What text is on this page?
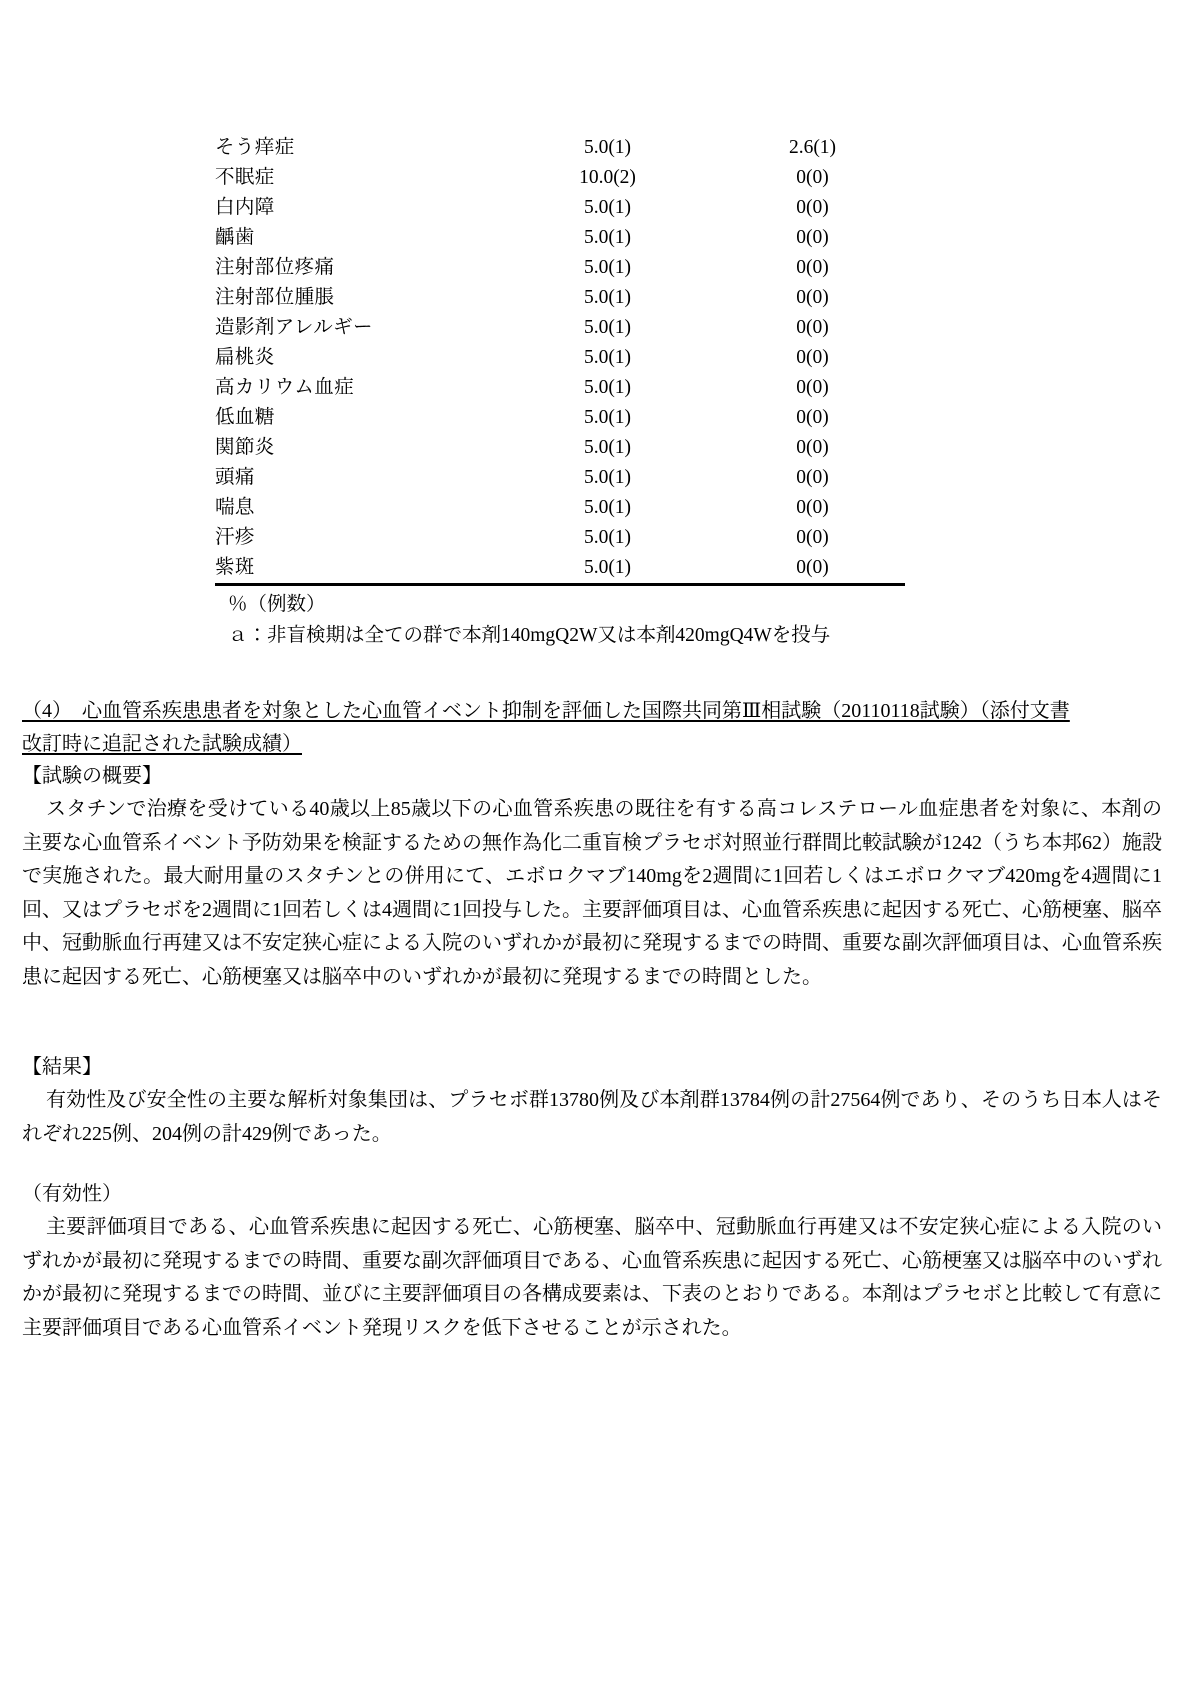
そう痒症	5.0(1)	2.6(1)
不眠症	10.0(2)	0(0)
白内障	5.0(1)	0(0)
齲歯	5.0(1)	0(0)
注射部位疼痛	5.0(1)	0(0)
注射部位腫脹	5.0(1)	0(0)
造影剤アレルギー	5.0(1)	0(0)
扁桃炎	5.0(1)	0(0)
高カリウム血症	5.0(1)	0(0)
低血糖	5.0(1)	0(0)
関節炎	5.0(1)	0(0)
頭痛	5.0(1)	0(0)
喘息	5.0(1)	0(0)
汗疹	5.0(1)	0(0)
紫斑	5.0(1)	0(0)
％（例数）
ａ：非盲検期は全ての群で本剤140mgQ2W又は本剤420mgQ4Wを投与
（4） 心血管系疾患患者を対象とした心血管イベント抑制を評価した国際共同第Ⅲ相試験（20110118試験）（添付文書
改訂時に追記された試験成績）
【試験の概要】
スタチンで治療を受けている40歳以上85歳以下の心血管系疾患の既往を有する高コレステロール血症患者を対象に、本剤の主要な心血管系イベント予防効果を検証するための無作為化二重盲検プラセボ対照並行群間比較試験が1242（うち本邦62）施設で実施された。最大耐用量のスタチンとの併用にて、エボロクマブ140mgを2週間に1回若しくはエボロクマブ420mgを4週間に1回、又はプラセボを2週間に1回若しくは4週間に1回投与した。主要評価項目は、心血管系疾患に起因する死亡、心筋梗塞、脳卒中、冠動脈血行再建又は不安定狭心症による入院のいずれかが最初に発現するまでの時間、重要な副次評価項目は、心血管系疾患に起因する死亡、心筋梗塞又は脳卒中のいずれかが最初に発現するまでの時間とした。
【結果】
有効性及び安全性の主要な解析対象集団は、プラセボ群13780例及び本剤群13784例の計27564例であり、そのうち日本人はそれぞれ225例、204例の計429例であった。
（有効性）
主要評価項目である、心血管系疾患に起因する死亡、心筋梗塞、脳卒中、冠動脈血行再建又は不安定狭心症による入院のいずれかが最初に発現するまでの時間、重要な副次評価項目である、心血管系疾患に起因する死亡、心筋梗塞又は脳卒中のいずれかが最初に発現するまでの時間、並びに主要評価項目の各構成要素は、下表のとおりである。本剤はプラセボと比較して有意に主要評価項目である心血管系イベント発現リスクを低下させることが示された。
